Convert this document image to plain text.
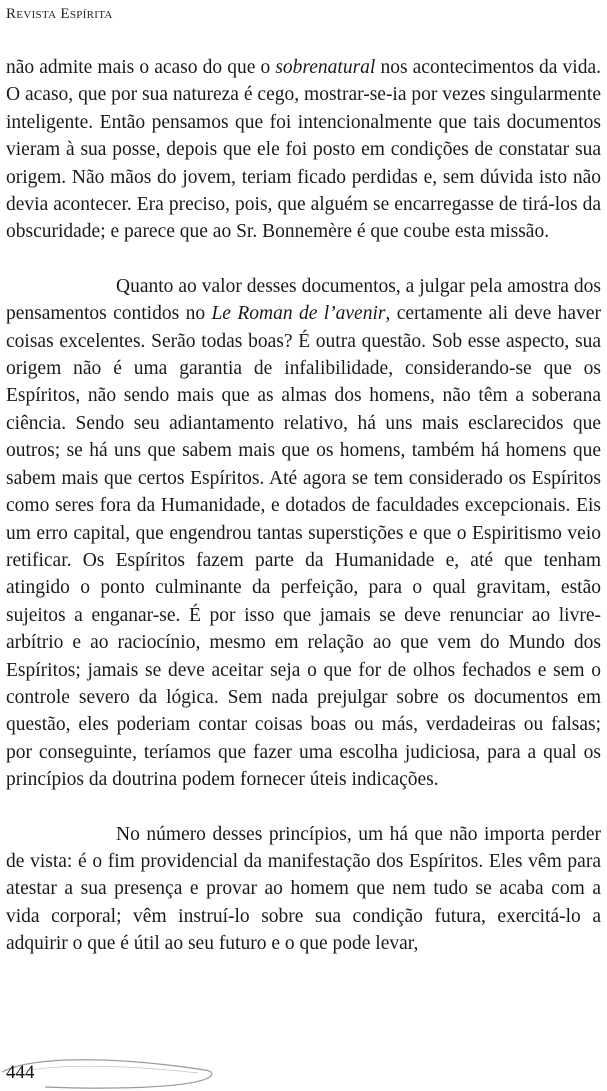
Revista Espírita

não admite mais o acaso do que o sobrenatural nos acontecimentos da vida. O acaso, que por sua natureza é cego, mostrar-se-ia por vezes singularmente inteligente. Então pensamos que foi intencionalmente que tais documentos vieram à sua posse, depois que ele foi posto em condições de constatar sua origem. Não mãos do jovem, teriam ficado perdidas e, sem dúvida isto não devia acontecer. Era preciso, pois, que alguém se encarregasse de tirá-los da obscuridade; e parece que ao Sr. Bonnemère é que coube esta missão.

Quanto ao valor desses documentos, a julgar pela amostra dos pensamentos contidos no Le Roman de l’avenir, certamente ali deve haver coisas excelentes. Serão todas boas? É outra questão. Sob esse aspecto, sua origem não é uma garantia de infalibilidade, considerando-se que os Espíritos, não sendo mais que as almas dos homens, não têm a soberana ciência. Sendo seu adiantamento relativo, há uns mais esclarecidos que outros; se há uns que sabem mais que os homens, também há homens que sabem mais que certos Espíritos. Até agora se tem considerado os Espíritos como seres fora da Humanidade, e dotados de faculdades excepcionais. Eis um erro capital, que engendrou tantas superstições e que o Espiritismo veio retificar. Os Espíritos fazem parte da Humanidade e, até que tenham atingido o ponto culminante da perfeição, para o qual gravitam, estão sujeitos a enganar-se. É por isso que jamais se deve renunciar ao livre-arbítrio e ao raciocínio, mesmo em relação ao que vem do Mundo dos Espíritos; jamais se deve aceitar seja o que for de olhos fechados e sem o controle severo da lógica. Sem nada prejulgar sobre os documentos em questão, eles poderiam contar coisas boas ou más, verdadeiras ou falsas; por conseguinte, teríamos que fazer uma escolha judiciosa, para a qual os princípios da doutrina podem fornecer úteis indicações.

No número desses princípios, um há que não importa perder de vista: é o fim providencial da manifestação dos Espíritos. Eles vêm para atestar a sua presença e provar ao homem que nem tudo se acaba com a vida corporal; vêm instruí-lo sobre sua condição futura, exercitá-lo a adquirir o que é útil ao seu futuro e o que pode levar,

444
